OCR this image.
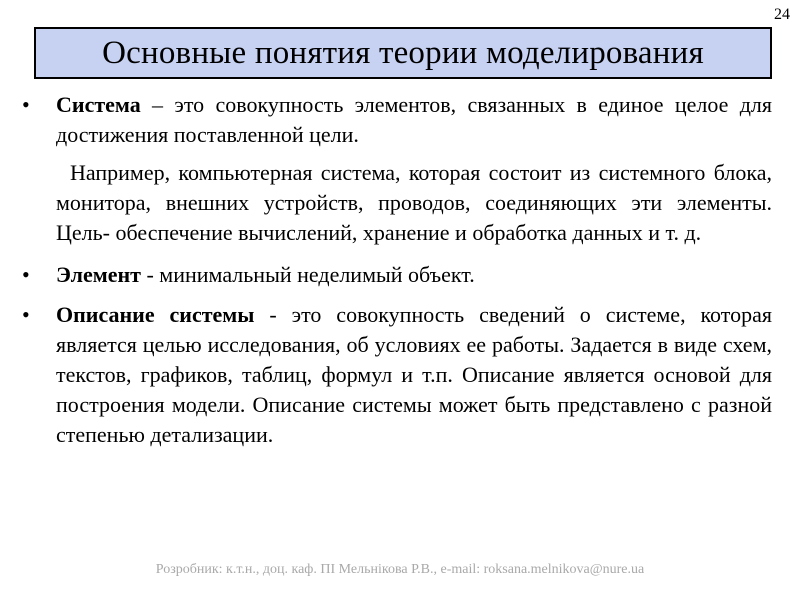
24
Основные понятия теории моделирования
•	Система – это совокупность элементов, связанных в единое целое для достижения поставленной цели.
Например, компьютерная система, которая состоит из системного блока, монитора, внешних устройств, проводов, соединяющих эти элементы. Цель- обеспечение вычислений, хранение и обработка данных и т. д.
•	Элемент - минимальный неделимый объект.
•	Описание системы - это совокупность сведений о системе, которая является целью исследования, об условиях ее работы. Задается в виде схем, текстов, графиков, таблиц, формул и т.п. Описание является основой для построения модели. Описание системы может быть представлено с разной степенью детализации.
Розробник: к.т.н., доц. каф. ПІ Мельнікова Р.В., e-mail: roksana.melnikova@nure.ua
